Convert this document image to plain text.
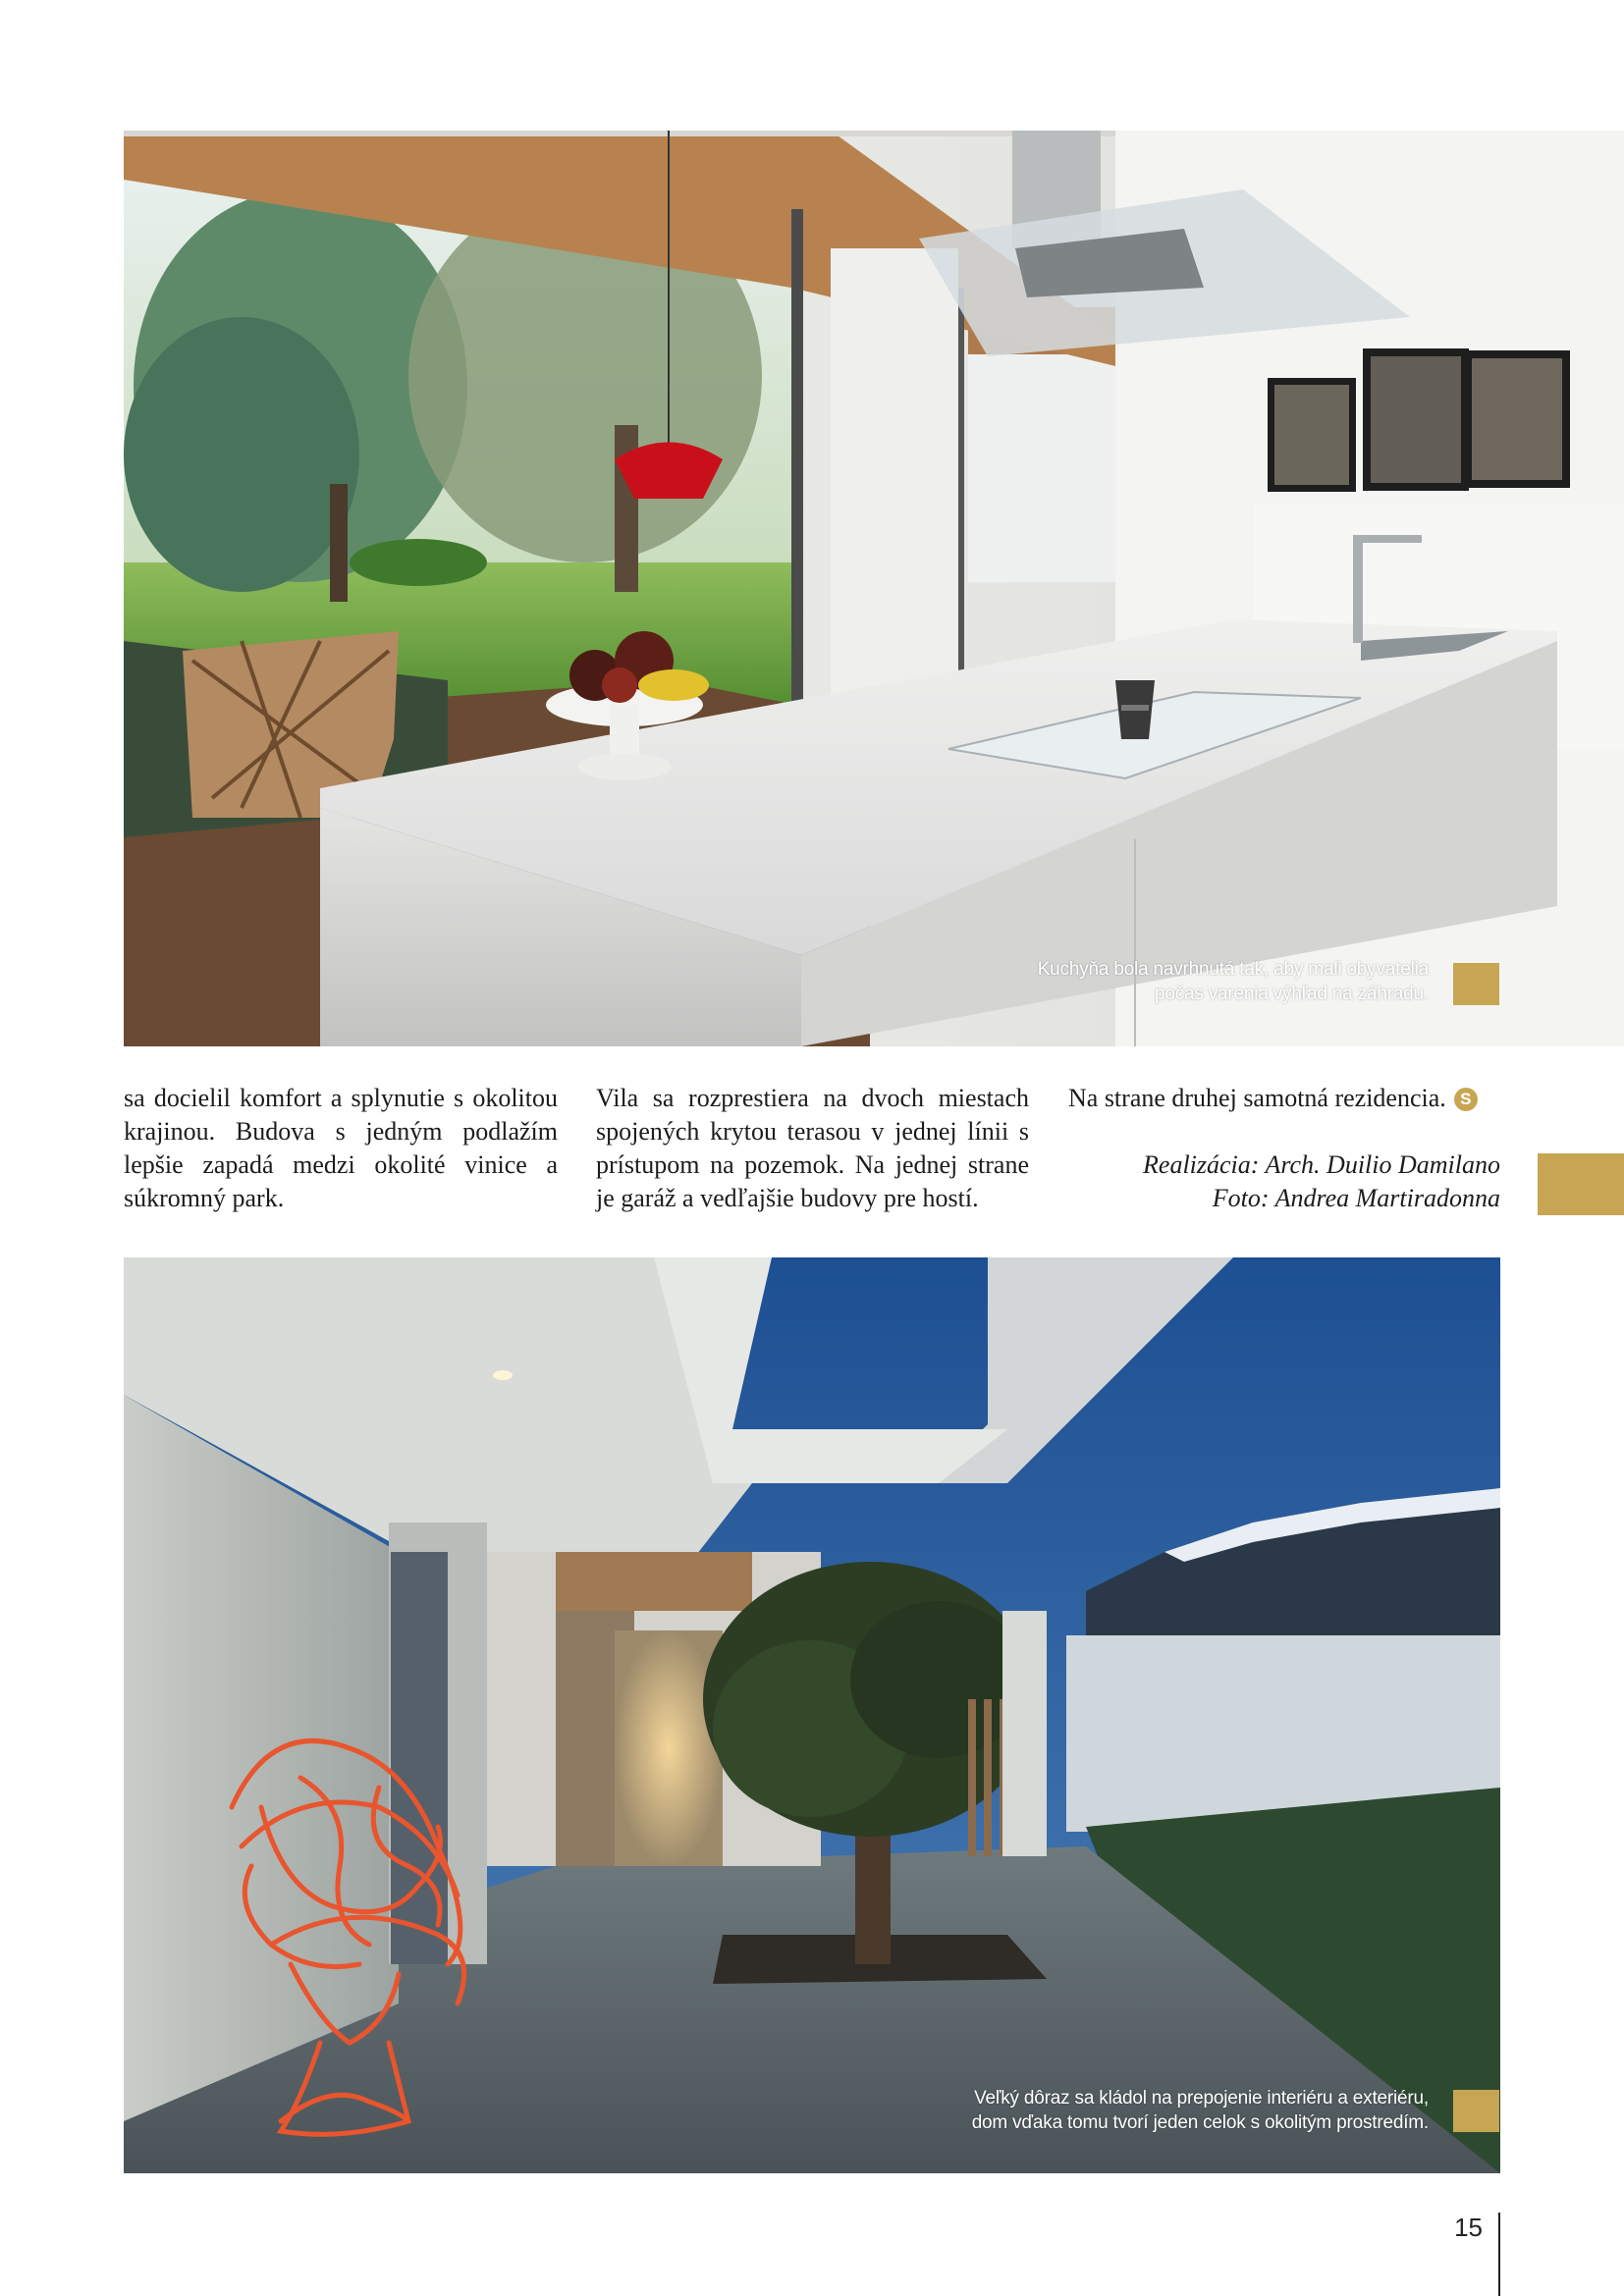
Kuchyňa bola navrhnutá tak, aby mali obyvatelia
počas varenia výhľad na záhradu.

sa docielil komfort a splynutie s okolitou krajinou. Budova s jedným podlažím lepšie zapadá medzi okolité vinice a súkromný park.

Vila sa rozprestiera na dvoch miestach spojených krytou terasou v jednej línii s prístupom na pozemok. Na jednej strane je garáž a vedľajšie budovy pre hostí.

Na strane druhej samotná rezidencia. S

Realizácia: Arch. Duilio Damilano
Foto: Andrea Martiradonna
Veľký dôraz sa kládol na prepojenie interiéru a exteriéru,
dom vďaka tomu tvorí jeden celok s okolitým prostredím.
15
